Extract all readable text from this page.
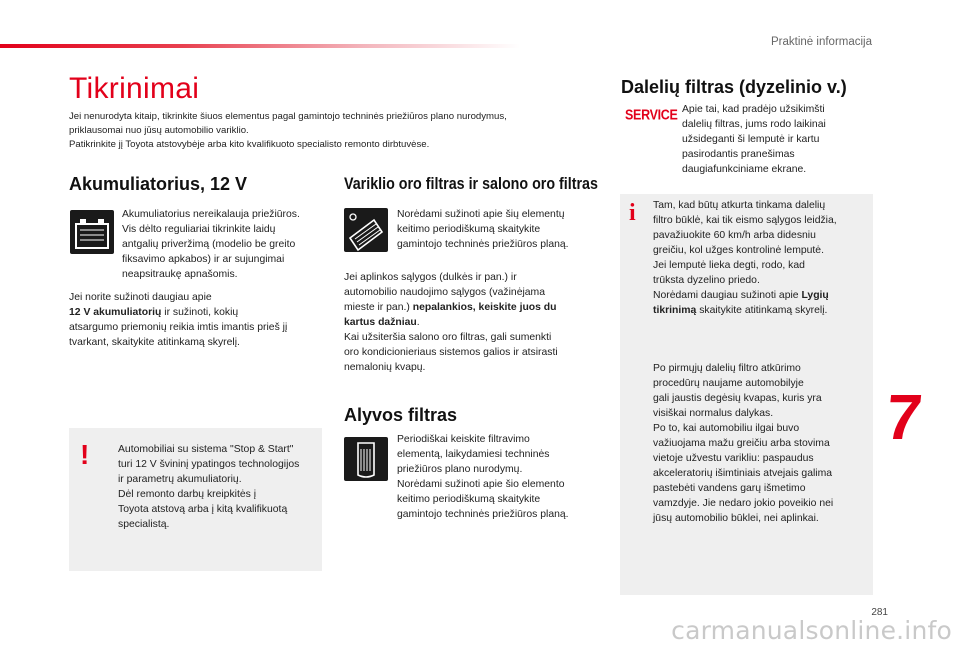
Praktinė informacija
7
281
carmanualsonline.info
Tikrinimai
Jei nenurodyta kitaip, tikrinkite šiuos elementus pagal gamintojo techninės priežiūros plano nurodymus,
priklausomai nuo jūsų automobilio variklio.
Patikrinkite jį Toyota atstovybėje arba kito kvalifikuoto specialisto remonto dirbtuvėse.
Akumuliatorius, 12 V
Akumuliatorius nereikalauja priežiūros.
Vis dėlto reguliariai tikrinkite laidų
antgalių priveržimą (modelio be greito
fiksavimo apkabos) ir ar sujungimai
neapsitraukę apnašomis.
Jei norite sužinoti daugiau apie
12 V akumuliatorių ir sužinoti, kokių
atsargumo priemonių reikia imtis imantis prieš jį
tvarkant, skaitykite atitinkamą skyrelį.
!	Automobiliai su sistema "Stop & Start"
turi 12 V švininį ypatingos technologijos
ir parametrų akumuliatorių.
Dėl remonto darbų kreipkitės į
Toyota atstovą arba į kitą kvalifikuotą
specialistą.
Variklio oro filtras ir salono oro filtras
Norėdami sužinoti apie šių elementų
keitimo periodiškumą skaitykite
gamintojo techninės priežiūros planą.
Jei aplinkos sąlygos (dulkės ir pan.) ir
automobilio naudojimo sąlygos (važinėjama
mieste ir pan.) nepalankios, keiskite juos du
kartus dažniau.
Kai užsiteršia salono oro filtras, gali sumenkti
oro kondicionieriaus sistemos galios ir atsirasti
nemalonių kvapų.
Alyvos filtras
Periodiškai keiskite filtravimo
elementą, laikydamiesi techninės
priežiūros plano nurodymų.
Norėdami sužinoti apie šio elemento
keitimo periodiškumą skaitykite
gamintojo techninės priežiūros planą.
Dalelių filtras (dyzelinio v.)
SERVICE Apie tai, kad pradėjo užsikimšti
dalelių filtras, jums rodo laikinai
užsideganti ši lemputė ir kartu
pasirodantis pranešimas
daugiafunkciniame ekrane.
i Tam, kad būtų atkurta tinkama dalelių
filtro būklė, kai tik eismo sąlygos leidžia,
pavažiuokite 60 km/h arba didesniu
greičiu, kol užges kontrolinė lemputė.
Jei lemputė lieka degti, rodo, kad
trūksta dyzelino priedo.
Norėdami daugiau sužinoti apie Lygių
tikrinimą skaitykite atitinkamą skyrelį.
Po pirmųjų dalelių filtro atkūrimo
procedūrų naujame automobilyje
gali jaustis degėsių kvapas, kuris yra
visiškai normalus dalykas.
Po to, kai automobiliu ilgai buvo
važiuojama mažu greičiu arba stovima
vietoje užvestu varikliu: paspaudus
akceleratorių išimtiniais atvejais galima
pastebėti vandens garų išmetimo
vamzdyje. Jie nedaro jokio poveikio nei
jūsų automobilio būklei, nei aplinkai.
